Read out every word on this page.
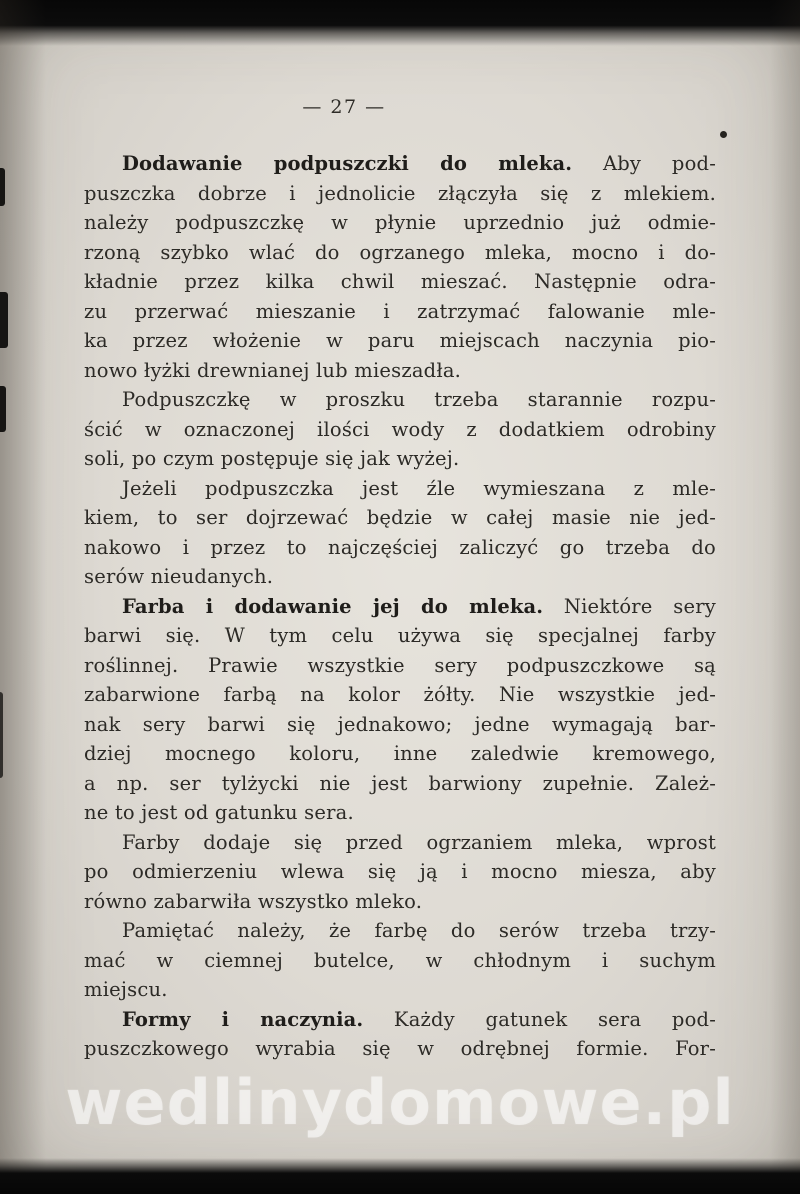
— 27 —
Dodawanie podpuszczki do mleka. Aby pod-
puszczka dobrze i jednolicie złączyła się z mlekiem.
należy podpuszczkę w płynie uprzednio już odmie-
rzoną szybko wlać do ogrzanego mleka, mocno i do-
kładnie przez kilka chwil mieszać. Następnie odra-
zu przerwać mieszanie i zatrzymać falowanie mle-
ka przez włożenie w paru miejscach naczynia pio-
nowo łyżki drewnianej lub mieszadła.
Podpuszczkę w proszku trzeba starannie rozpu-
ścić w oznaczonej ilości wody z dodatkiem odrobiny
soli, po czym postępuje się jak wyżej.
Jeżeli podpuszczka jest źle wymieszana z mle-
kiem, to ser dojrzewać będzie w całej masie nie jed-
nakowo i przez to najczęściej zaliczyć go trzeba do
serów nieudanych.
Farba i dodawanie jej do mleka. Niektóre sery
barwi się. W tym celu używa się specjalnej farby
roślinnej. Prawie wszystkie sery podpuszczkowe są
zabarwione farbą na kolor żółty. Nie wszystkie jed-
nak sery barwi się jednakowo; jedne wymagają bar-
dziej mocnego koloru, inne zaledwie kremowego,
a np. ser tylżycki nie jest barwiony zupełnie. Zależ-
ne to jest od gatunku sera.
Farby dodaje się przed ogrzaniem mleka, wprost
po odmierzeniu wlewa się ją i mocno miesza, aby
równo zabarwiła wszystko mleko.
Pamiętać należy, że farbę do serów trzeba trzy-
mać w ciemnej butelce, w chłodnym i suchym
miejscu.
Formy i naczynia. Każdy gatunek sera pod-
puszczkowego wyrabia się w odrębnej formie. For-
wedlinydomowe.pl
